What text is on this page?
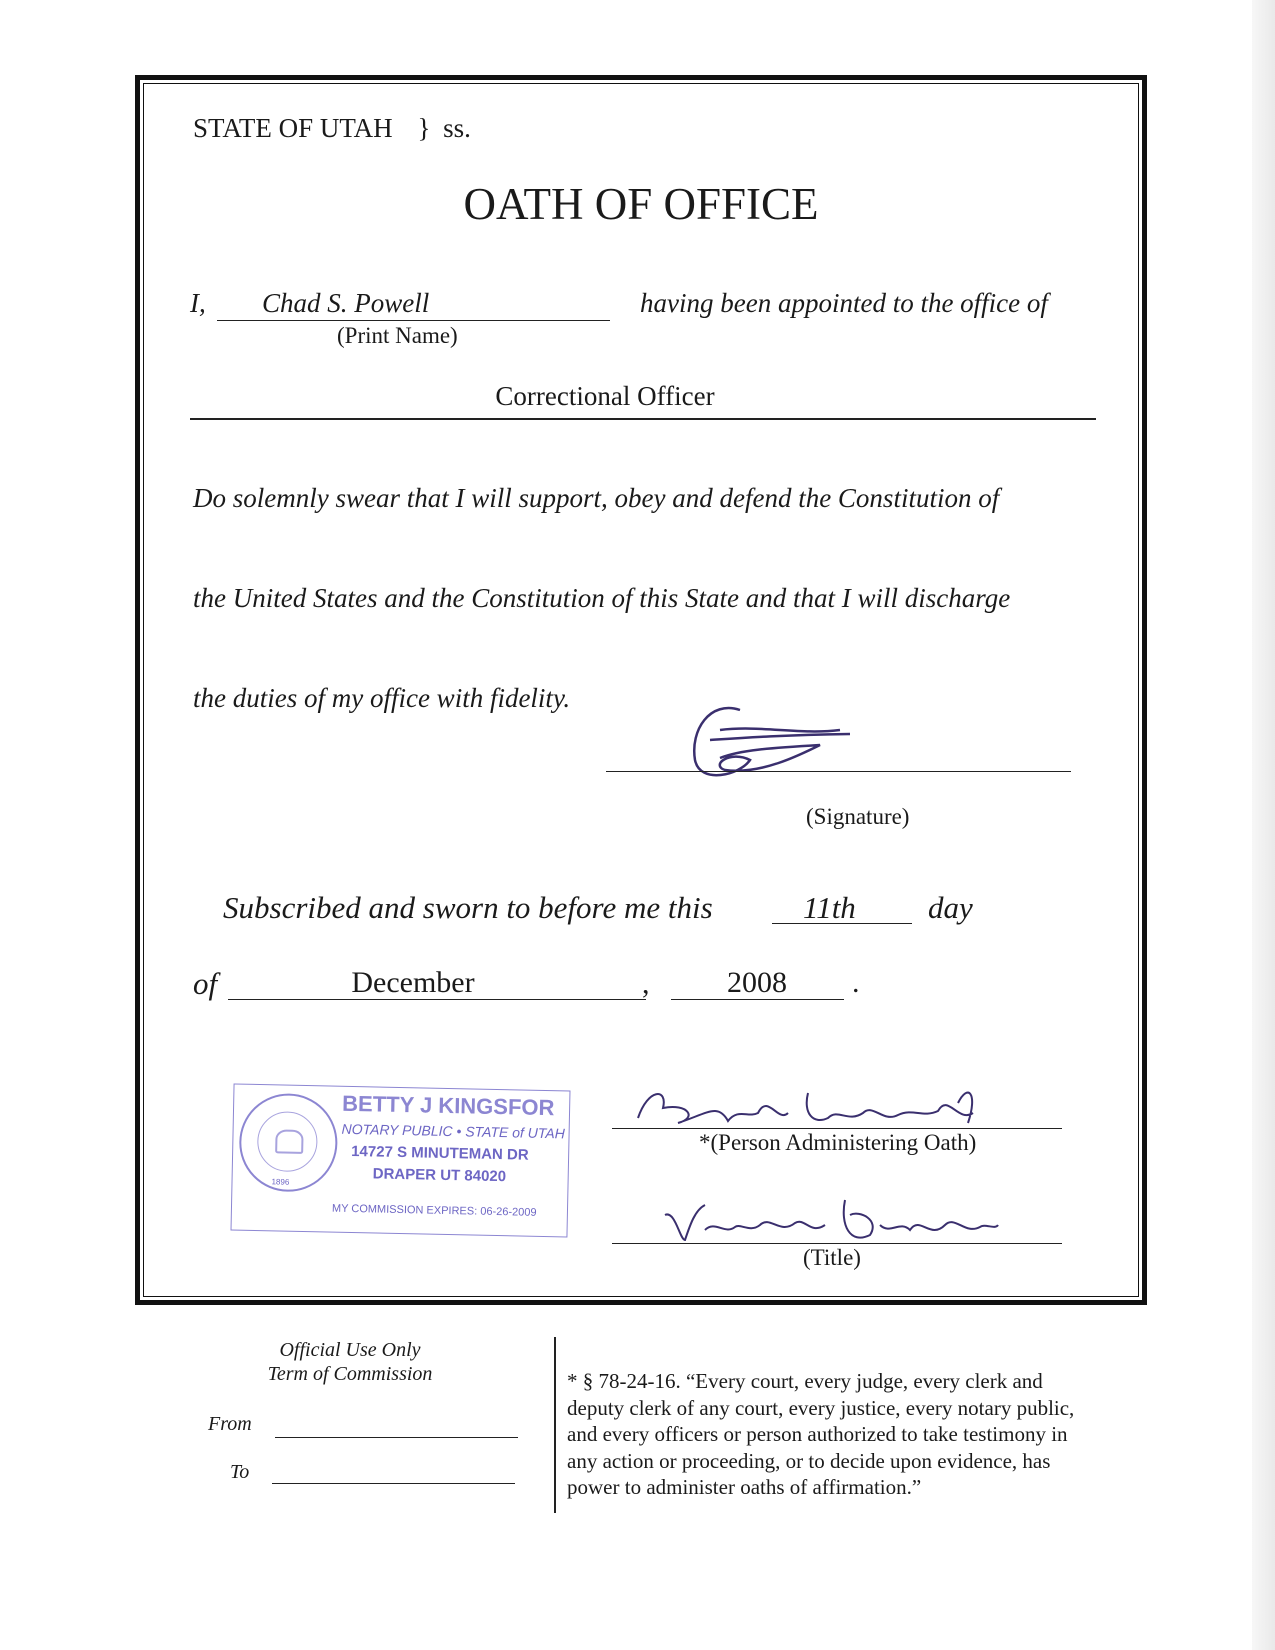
STATE OF UTAH } ss.
OATH OF OFFICE
I, Chad S. Powell
(Print Name)
having been appointed to the office of
Correctional Officer
Do solemnly swear that I will support, obey and defend the Constitution of
the United States and the Constitution of this State and that I will discharge
the duties of my office with fidelity.
(Signature)
Subscribed and sworn to before me this	11th day
of	December	,	2008 .
1896
BETTY J KINGSFOR
NOTARY PUBLIC • STATE of UTAH
14727 S MINUTEMAN DR
DRAPER UT 84020
MY COMMISSION EXPIRES: 06-26-2009
*(Person Administering Oath)
(Title)
Official Use Only
Term of Commission
From
To
* § 78-24-16. “Every court, every judge, every clerk and
deputy clerk of any court, every justice, every notary public,
and every officers or person authorized to take testimony in
any action or proceeding, or to decide upon evidence, has
power to administer oaths of affirmation.”
